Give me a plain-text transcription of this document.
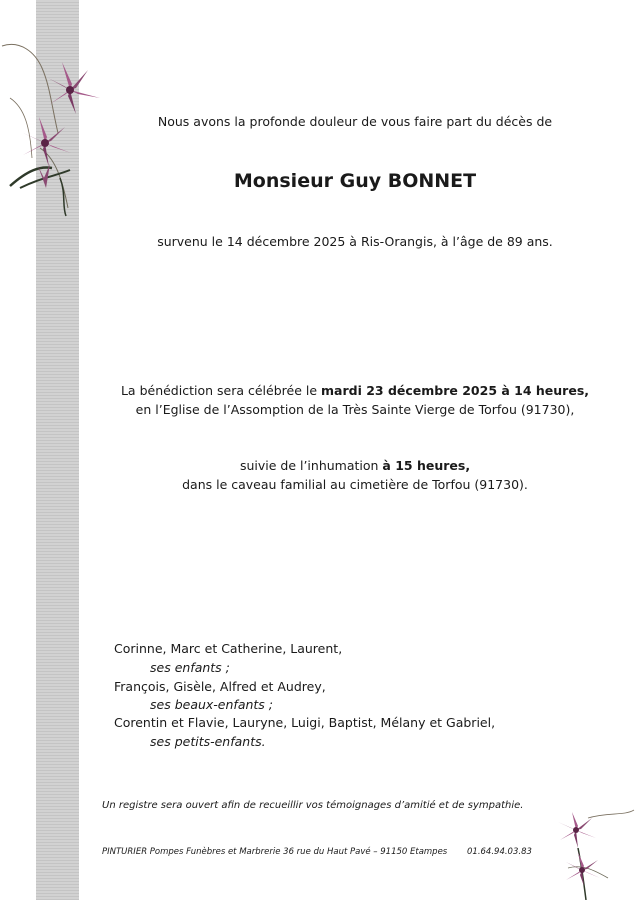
Nous avons la profonde douleur de vous faire part du décès de
Monsieur Guy BONNET
survenu le 14 décembre 2025 à Ris-Orangis, à l’âge de 89 ans.
La bénédiction sera célébrée le mardi 23 décembre 2025 à 14 heures,
en l’Eglise de l’Assomption de la Très Sainte Vierge de Torfou (91730),
suivie de l’inhumation à 15 heures,
dans le caveau familial au cimetière de Torfou (91730).
Corinne, Marc et Catherine, Laurent,
ses enfants ;
François, Gisèle, Alfred et Audrey,
ses beaux-enfants ;
Corentin et Flavie, Lauryne, Luigi, Baptist, Mélany et Gabriel,
ses petits-enfants.
Un registre sera ouvert afin de recueillir vos témoignages d’amitié et de sympathie.
PINTURIER Pompes Funèbres et Marbrerie 36 rue du Haut Pavé – 91150 Etampes 01.64.94.03.83
